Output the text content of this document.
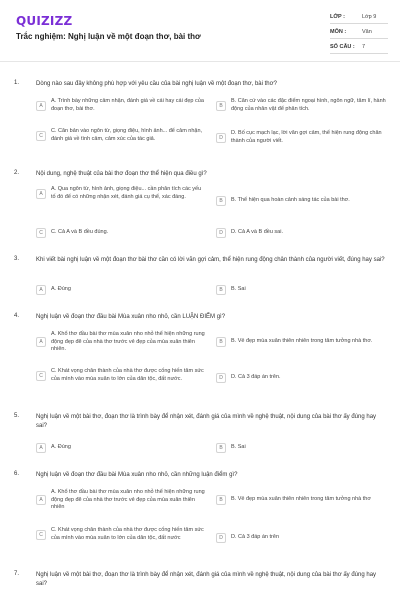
QUIZIZZ
Trắc nghiệm: Nghị luận về một đoạn thơ, bài thơ
LỚP :	Lớp 9
MÔN :	Văn
SỐ CÂU :	7
1.	Dòng nào sau đây không phù hợp với yêu cầu của bài nghị luận về một đoạn thơ, bài thơ?
A
A. Trình bày những cảm nhận, đánh giá về cái hay cái đẹp của đoạn thơ, bài thơ.	B
B. Căn cứ vào các đặc điểm ngoại hình, ngôn ngữ, tâm lí, hành động của nhân vật để phân tích.
C
C. Căn bản vào ngôn từ, giọng điệu, hình ảnh... để cảm nhận, đánh giá về tình cảm, cảm xúc của tác giả.	D
D. Bố cục mạch lạc, lời văn gợi cảm, thể hiện rung động chân thành của người viết.
2.	Nội dung, nghệ thuật của bài thơ đoạn thơ thể hiện qua điều gì?
A
A. Qua ngôn từ, hình ảnh, giọng điệu... cần phân tích các yếu tố đó để có những nhận xét, đánh giá cụ thể, xác đáng.
B	B. Thể hiện qua hoàn cảnh sáng tác của bài thơ.
C	C. Cả A và B đều đúng.	D	D. Cả A và B đều sai.
3.	Khi viết bài nghị luận về một đoạn thơ bài thơ cần có lời văn gợi cảm, thể hiện rung động chân thành của người viết, đúng hay sai?
A	A. Đúng	B	B. Sai
4.	Nghị luận về đoạn thơ đầu bài Mùa xuân nho nhỏ, cần LUẬN ĐIỂM gì?
A
A. Khổ thơ đầu bài thơ mùa xuân nho nhỏ thể hiện những rung động đẹp đẽ của nhà thơ trước vẻ đẹp của mùa xuân thiên nhiên.
B	B. Vẻ đẹp mùa xuân thiên nhiên trong tâm tưởng nhà thơ.
C
C. Khát vọng chân thành của nhà thơ được cống hiến tâm sức của mình vào mùa xuân to lớn của dân tộc, đất nước.	D	D. Cả 3 đáp án trên.
5.	Nghị luận về một bài thơ, đoạn thơ là trình bày để nhận xét, đánh giá của mình về nghệ thuật, nội dung của bài thơ ấy đúng hay sai?
A	A. Đúng	B	B. Sai
6.	Nghị luận về đoạn thơ đầu bài Mùa xuân nho nhỏ, cần những luận điểm gì?
A
A. Khổ thơ đầu bài thơ mùa xuân nho nhỏ thể hiện những rung động đẹp đẽ của nhà thơ trước vẻ đẹp của mùa xuân thiên nhiên
B	B. Vẻ đẹp mùa xuân thiên nhiên trong tâm tưởng nhà thơ
C
C. Khát vọng chân thành của nhà thơ được cống hiến tâm sức của mình vào mùa xuân to lớn của dân tộc, đất nước	D	D. Cả 3 đáp án trên
7.	Nghị luận về một bài thơ, đoạn thơ là trình bày để nhận xét, đánh giá của mình về nghệ thuật, nội dung của bài thơ ấy đúng hay sai?
